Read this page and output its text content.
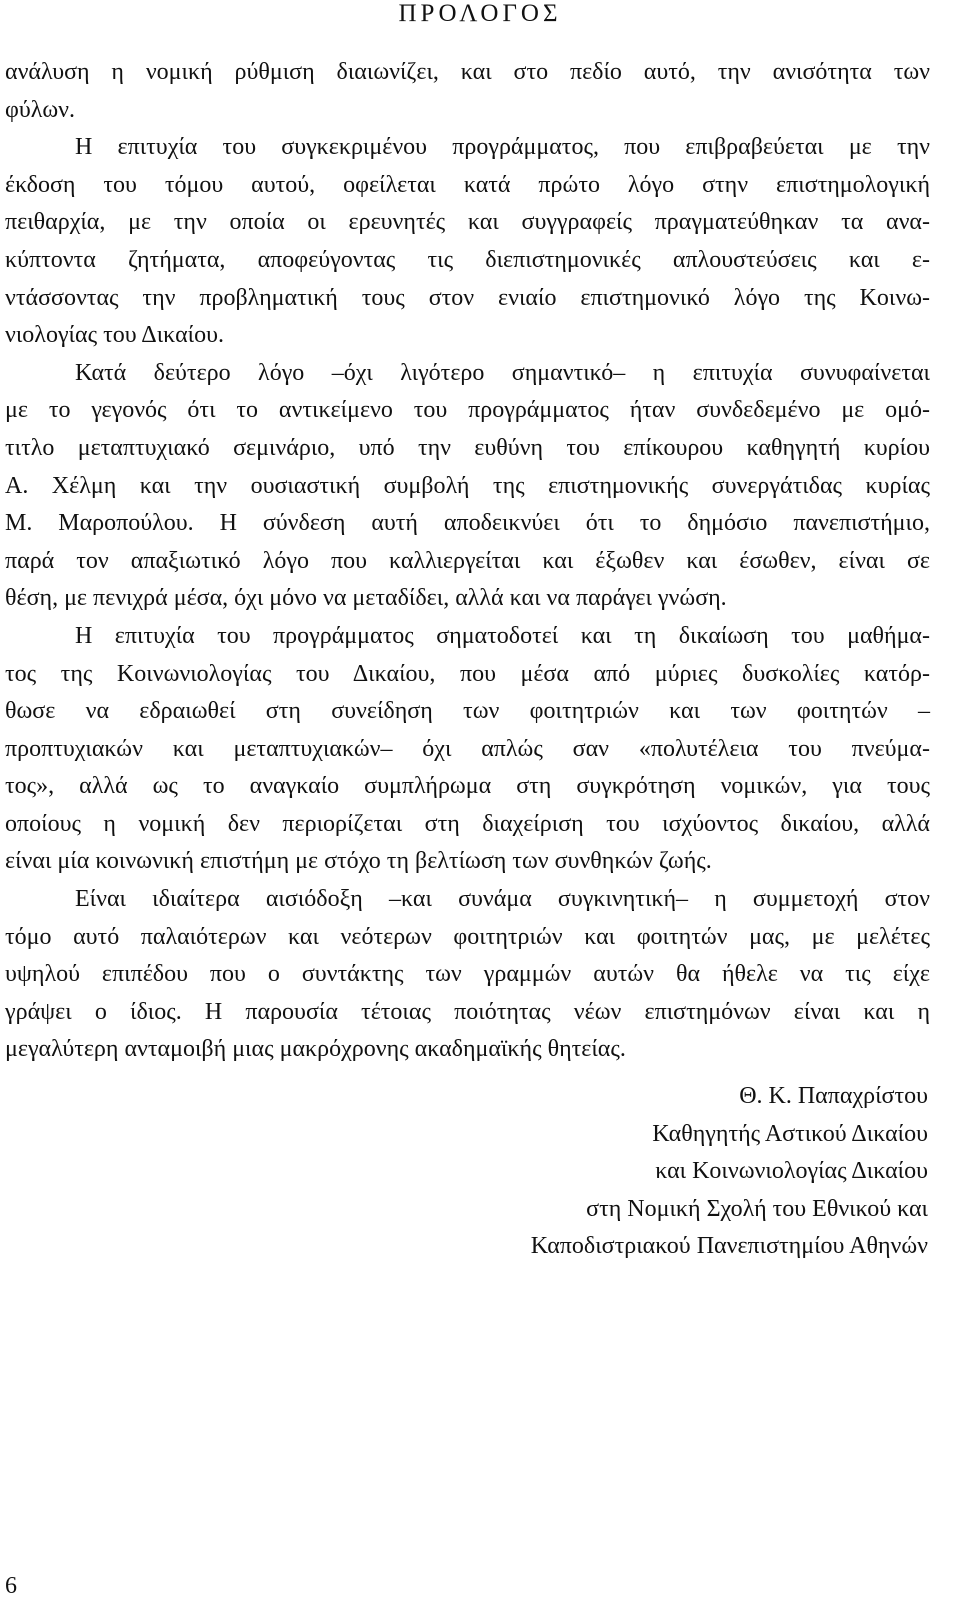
ΠΡΟΛΟΓΟΣ
ανάλυση η νομική ρύθμιση διαιωνίζει, και στο πεδίο αυτό, την ανισότητα των
φύλων.
Η επιτυχία του συγκεκριμένου προγράμματος, που επιβραβεύεται με την
έκδοση του τόμου αυτού, οφείλεται κατά πρώτο λόγο στην επιστημολογική
πειθαρχία, με την οποία οι ερευνητές και συγγραφείς πραγματεύθηκαν τα ανα-
κύπτοντα ζητήματα, αποφεύγοντας τις διεπιστημονικές απλουστεύσεις και ε-
ντάσσοντας την προβληματική τους στον ενιαίο επιστημονικό λόγο της Κοινω-
νιολογίας του Δικαίου.
Κατά δεύτερο λόγο –όχι λιγότερο σημαντικό– η επιτυχία συνυφαίνεται
με το γεγονός ότι το αντικείμενο του προγράμματος ήταν συνδεδεμένο με ομό-
τιτλο μεταπτυχιακό σεμινάριο, υπό την ευθύνη του επίκουρου καθηγητή κυρίου
Α. Χέλμη και την ουσιαστική συμβολή της επιστημονικής συνεργάτιδας κυρίας
Μ. Μαροπούλου. Η σύνδεση αυτή αποδεικνύει ότι το δημόσιο πανεπιστήμιο,
παρά τον απαξιωτικό λόγο που καλλιεργείται και έξωθεν και έσωθεν, είναι σε
θέση, με πενιχρά μέσα, όχι μόνο να μεταδίδει, αλλά και να παράγει γνώση.
Η επιτυχία του προγράμματος σηματοδοτεί και τη δικαίωση του μαθήμα-
τος της Κοινωνιολογίας του Δικαίου, που μέσα από μύριες δυσκολίες κατόρ-
θωσε να εδραιωθεί στη συνείδηση των φοιτητριών και των φοιτητών –
προπτυχιακών και μεταπτυχιακών– όχι απλώς σαν «πολυτέλεια του πνεύμα-
τος», αλλά ως το αναγκαίο συμπλήρωμα στη συγκρότηση νομικών, για τους
οποίους η νομική δεν περιορίζεται στη διαχείριση του ισχύοντος δικαίου, αλλά
είναι μία κοινωνική επιστήμη με στόχο τη βελτίωση των συνθηκών ζωής.
Είναι ιδιαίτερα αισιόδοξη –και συνάμα συγκινητική– η συμμετοχή στον
τόμο αυτό παλαιότερων και νεότερων φοιτητριών και φοιτητών μας, με μελέτες
υψηλού επιπέδου που ο συντάκτης των γραμμών αυτών θα ήθελε να τις είχε
γράψει ο ίδιος. Η παρουσία τέτοιας ποιότητας νέων επιστημόνων είναι και η
μεγαλύτερη ανταμοιβή μιας μακρόχρονης ακαδημαϊκής θητείας.
Θ. Κ. Παπαχρίστου
Καθηγητής Αστικού Δικαίου
και Κοινωνιολογίας Δικαίου
στη Νομική Σχολή του Εθνικού και
Καποδιστριακού Πανεπιστημίου Αθηνών
6
